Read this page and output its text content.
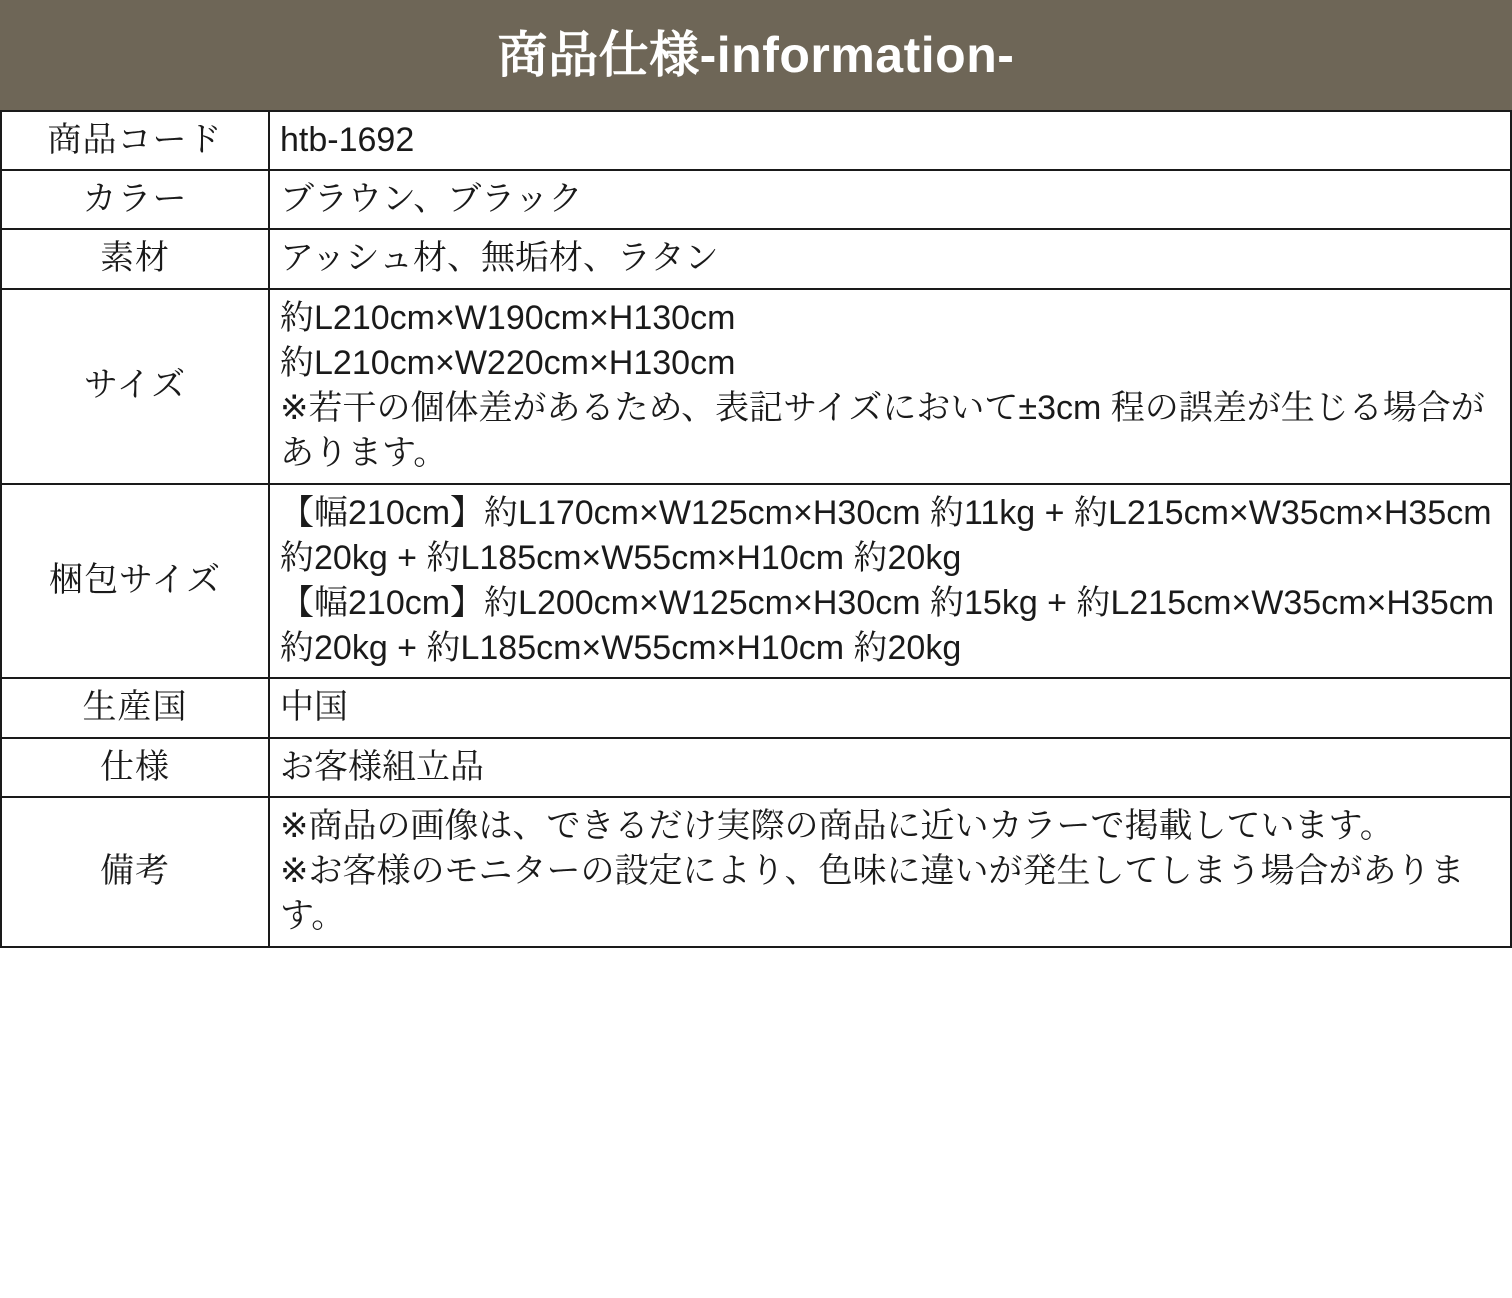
商品仕様-information-
商品コード	htb-1692

カラー	ブラウン、ブラック

素材	アッシュ材、無垢材、ラタン

サイズ	約L210cm×W190cm×H130cm
約L210cm×W220cm×H130cm
※若干の個体差があるため、表記サイズにおいて±3cm 程の誤差が生じる場合があります。

梱包サイズ	【幅210cm】約L170cm×W125cm×H30cm 約11kg + 約L215cm×W35cm×H35cm 約20kg + 約L185cm×W55cm×H10cm 約20kg
【幅210cm】約L200cm×W125cm×H30cm 約15kg + 約L215cm×W35cm×H35cm 約20kg + 約L185cm×W55cm×H10cm 約20kg

生産国	中国

仕様	お客様組立品

備考	※商品の画像は、できるだけ実際の商品に近いカラーで掲載しています。
※お客様のモニターの設定により、色味に違いが発生してしまう場合があります。
